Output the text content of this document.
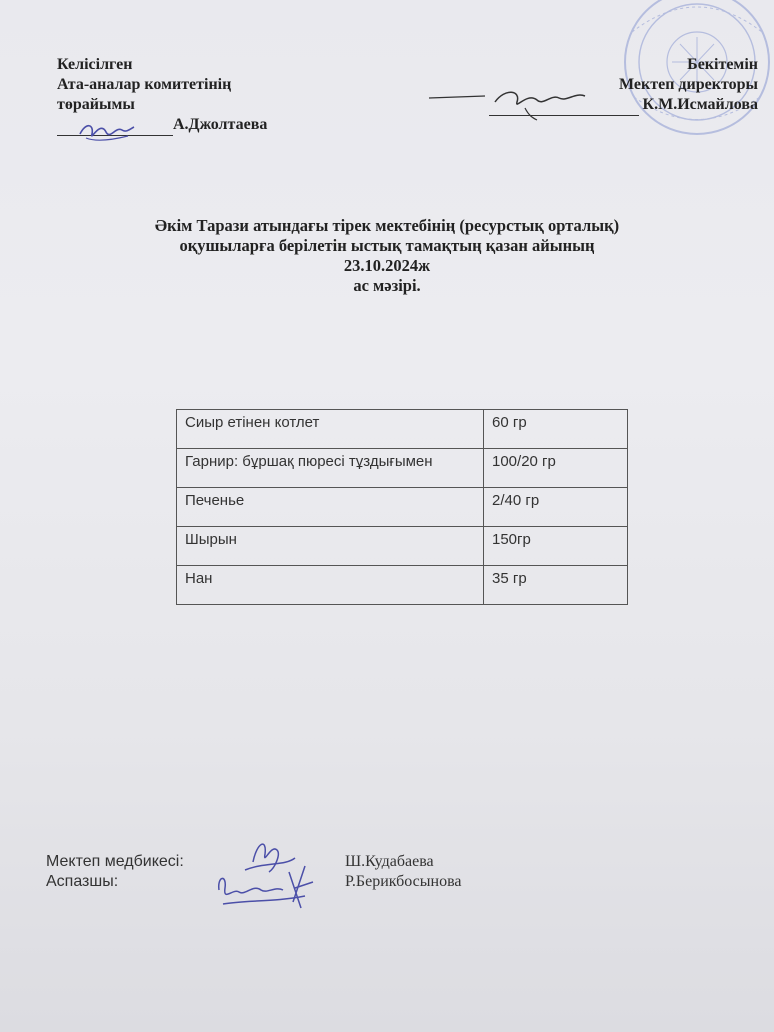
Келісілген
Ата-аналар комитетінің
төрайымы
А.Джолтаева
Бекітемін
Мектеп директоры
К.М.Исмайлова
Әкім Тарази атындағы тірек мектебінің (ресурстық орталық)
оқушыларға берілетін ыстық тамақтың қазан айының
23.10.2024ж
ас мәзірі.
Сиыр етінен котлет	60 гр
Гарнир: бұршақ пюресі тұздығымен	100/20 гр
Печенье	2/40 гр
Шырын	150гр
Нан	35 гр
Мектеп медбикесі:
Аспазшы:
Ш.Кудабаева
Р.Берикбосынова
